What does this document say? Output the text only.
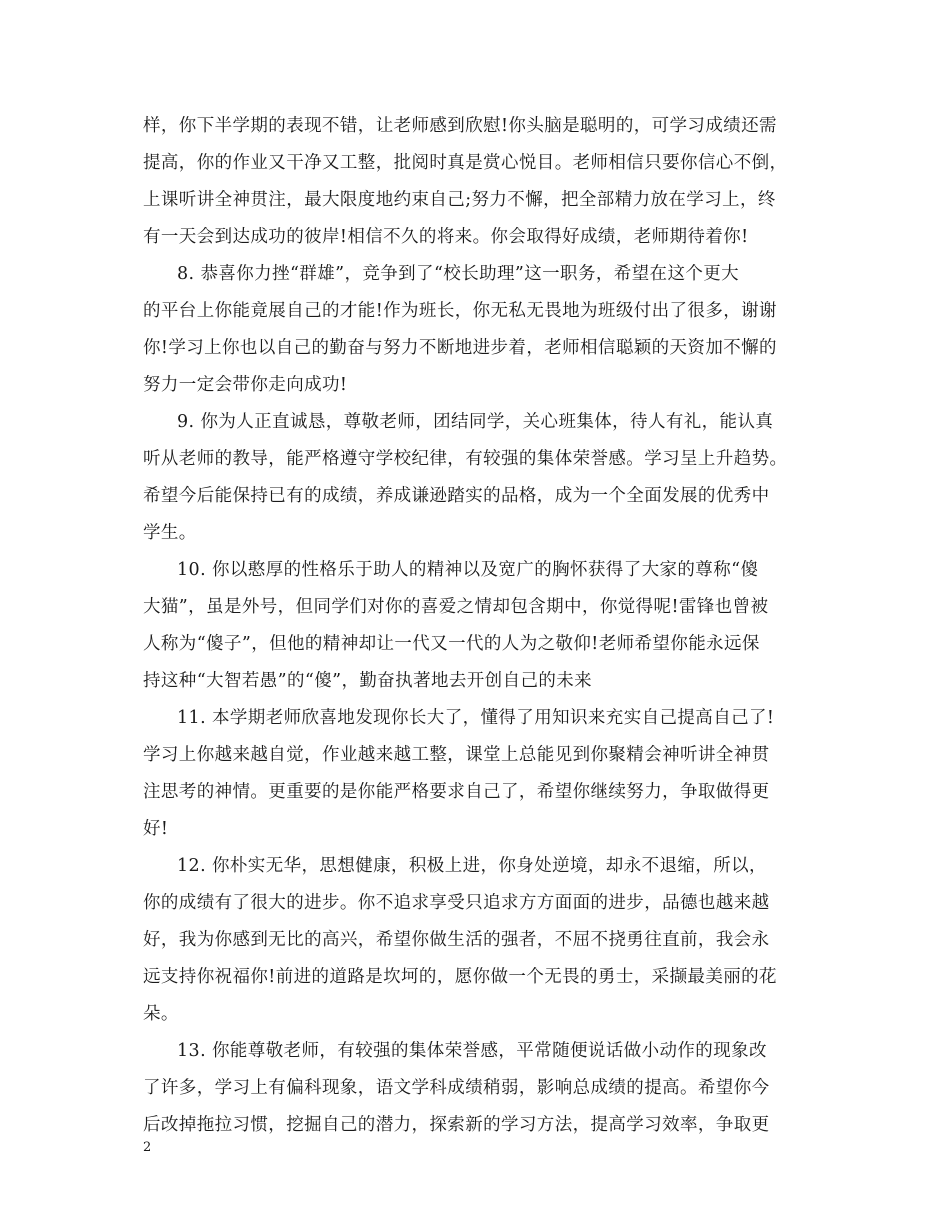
样，你下半学期的表现不错，让老师感到欣慰!你头脑是聪明的，可学习成绩还需
提高，你的作业又干净又工整，批阅时真是赏心悦目。老师相信只要你信心不倒，
上课听讲全神贯注，最大限度地约束自己;努力不懈，把全部精力放在学习上，终
有一天会到达成功的彼岸!相信不久的将来。你会取得好成绩，老师期待着你!
8. 恭喜你力挫“群雄”，竞争到了“校长助理”这一职务，希望在这个更大
的平台上你能竟展自己的才能!作为班长，你无私无畏地为班级付出了很多，谢谢
你!学习上你也以自己的勤奋与努力不断地进步着，老师相信聪颖的天资加不懈的
努力一定会带你走向成功!
9. 你为人正直诚恳，尊敬老师，团结同学，关心班集体，待人有礼，能认真
听从老师的教导，能严格遵守学校纪律，有较强的集体荣誉感。学习呈上升趋势。
希望今后能保持已有的成绩，养成谦逊踏实的品格，成为一个全面发展的优秀中
学生。
10. 你以憨厚的性格乐于助人的精神以及宽广的胸怀获得了大家的尊称“傻
大猫”，虽是外号，但同学们对你的喜爱之情却包含期中，你觉得呢!雷锋也曾被
人称为“傻子”，但他的精神却让一代又一代的人为之敬仰!老师希望你能永远保
持这种“大智若愚”的“傻”，勤奋执著地去开创自己的未来
11. 本学期老师欣喜地发现你长大了，懂得了用知识来充实自己提高自己了!
学习上你越来越自觉，作业越来越工整，课堂上总能见到你聚精会神听讲全神贯
注思考的神情。更重要的是你能严格要求自己了，希望你继续努力，争取做得更
好!
12. 你朴实无华，思想健康，积极上进，你身处逆境，却永不退缩，所以，
你的成绩有了很大的进步。你不追求享受只追求方方面面的进步，品德也越来越
好，我为你感到无比的高兴，希望你做生活的强者，不屈不挠勇往直前，我会永
远支持你祝福你!前进的道路是坎坷的，愿你做一个无畏的勇士，采撷最美丽的花
朵。
13. 你能尊敬老师，有较强的集体荣誉感，平常随便说话做小动作的现象改
了许多，学习上有偏科现象，语文学科成绩稍弱，影响总成绩的提高。希望你今
后改掉拖拉习惯，挖掘自己的潜力，探索新的学习方法，提高学习效率，争取更
2
